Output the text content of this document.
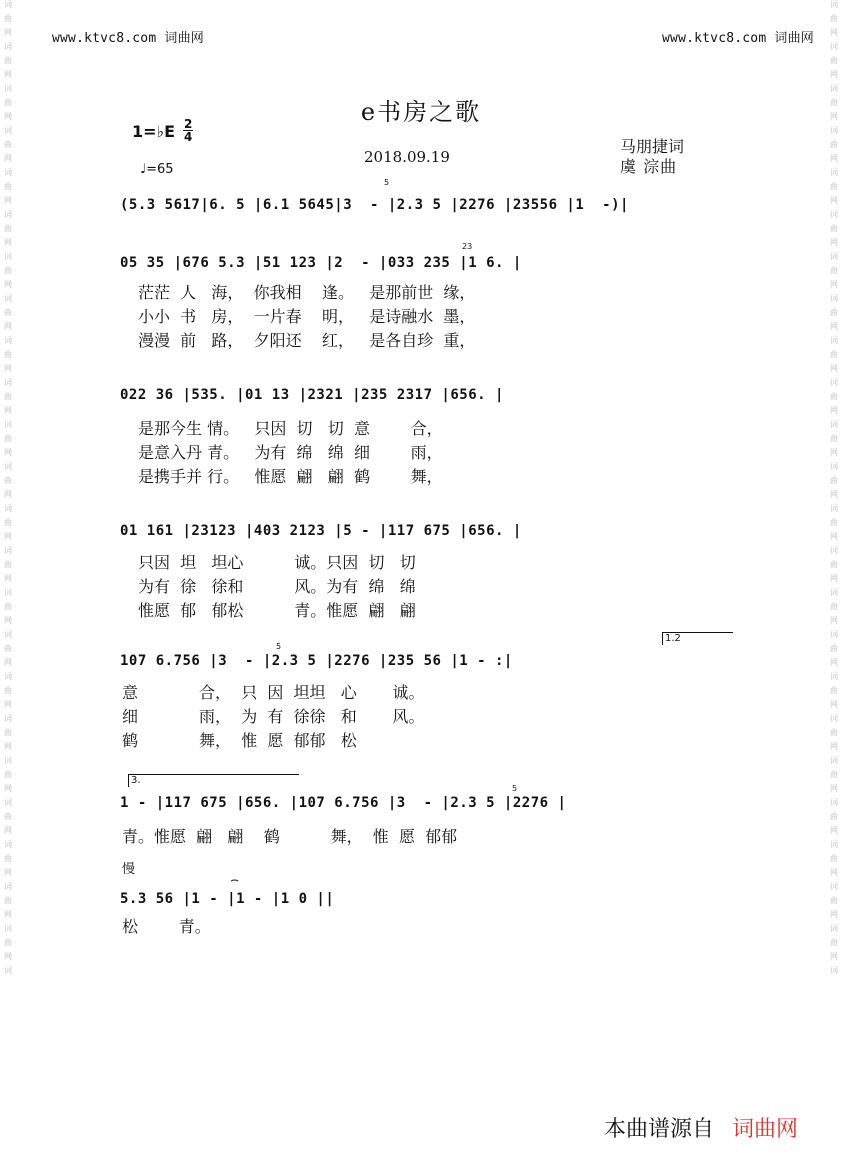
词
曲
网
词
曲
网
词
曲
网
词
曲
网
词
曲
网
词
曲
网
词
曲
网
词
曲
网
词
曲
网
词
曲
网
词
曲
网
词
曲
网
词
曲
网
词
曲
网
词
曲
网
词
曲
网
词
曲
网
词
曲
网
词
曲
网
词
曲
网
词
曲
网
词
曲
网
词
曲
网
词
词
曲
网
词
曲
网
词
曲
网
词
曲
网
词
曲
网
词
曲
网
词
曲
网
词
曲
网
词
曲
网
词
曲
网
词
曲
网
词
曲
网
词
曲
网
词
曲
网
词
曲
网
词
曲
网
词
曲
网
词
曲
网
词
曲
网
词
曲
网
词
曲
网
词
曲
网
词
曲
网
词
www.ktvc8.com 词曲网	www.ktvc8.com 词曲网
e书房之歌
1=♭E 2
4
♩=65
2018.09.19
马朋捷词
虞 淙曲
(5.3 5617|6. 5 |6.1 5645|3  - |2.3 5 |2276 |23556 |1  -)|
05 35 |676 5.3 |51 123 |2  - |033 235 |1 6. |
茫茫  人   海，  你我相    逢。   是那前世  缘，
小小  书   房，  一片春    明，   是诗融水  墨，
漫漫  前   路，  夕阳还    红，   是各自珍  重，
022 36 |535. |01 13 |2321 |235 2317 |656. |
是那今生 情。   只因  切   切  意        合，
是意入丹 青。   为有  绵   绵  细        雨，
是携手并 行。   惟愿  翩   翩  鹤        舞，
01 161 |23123 |403 2123 |5 - |117 675 |656. |
只因  坦   坦心          诚。只因  切   切
为有  徐   徐和          风。为有  绵   绵
惟愿  郁   郁松          青。惟愿  翩   翩
1.2
107 6.756 |3  - |2.3 5 |2276 |235 56 |1 - :|
意            合，  只  因  坦坦   心       诚。
细            雨，  为  有  徐徐   和       风。
鹤            舞，  惟  愿  郁郁   松
3.
1 - |117 675 |656. |107 6.756 |3  - |2.3 5 |2276 |
青。惟愿  翩   翩    鹤          舞，  惟  愿  郁郁
慢
⌢
5.3 56 |1 - |1 - |1 0 ||
松        青。
5
23
5
5
本曲谱源自 词曲网
